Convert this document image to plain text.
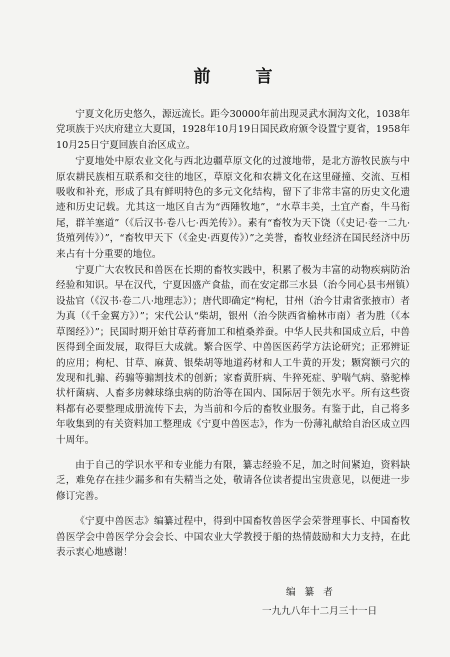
前　言

宁夏文化历史悠久，源远流长。距今30000年前出现灵武水洞沟文化，1038年党项族于兴庆府建立大夏国，1928年10月19日国民政府颁令设置宁夏省，1958年10月25日宁夏回族自治区成立。

宁夏地处中原农业文化与西北边疆草原文化的过渡地带，是北方游牧民族与中原农耕民族相互联系和交往的地区，草原文化和农耕文化在这里碰撞、交流、互相吸收和补充，形成了具有鲜明特色的多元文化结构，留下了非常丰富的历史文化遗迹和历史记载。尤其这一地区自古为“西陲牧地”，“水草丰美，土宜产畜，牛马衔尾，群羊塞道”（《后汉书·卷八七·西羌传》）。素有“畜牧为天下饶（《史记·卷一二九·货殖列传》）”，“畜牧甲天下（《金史·西夏传》）”之美誉，畜牧业经济在国民经济中历来占有十分重要的地位。

宁夏广大农牧民和兽医在长期的畜牧实践中，积累了极为丰富的动物疾病防治经验和知识。早在汉代，宁夏因盛产食盐，而在安定郡三水县（治今同心县韦州镇）设盐官（《汉书·卷二八·地理志》）；唐代即确定“枸杞，甘州（治今甘肃省张掖市）者为真（《千金翼方》）”；宋代公认“柴胡，银州（治今陕西省榆林市南）者为胜（《本草图经》）”；民国时期开始甘草药膏加工和植桑养蚕。中华人民共和国成立后，中兽医得到全面发展，取得巨大成就。繁合医学、中兽医医药学方法论研究；正邪辨证的应用；枸杞、甘草、麻黄、银柴胡等地道药材和人工牛黄的开发；颗窝额弓穴的发现和扎骟、药骟等骟割技术的创新；家畜黄肝病、牛猝死症、驴喘气病、骆驼棒状杆菌病、人畜多房棘球绦虫病的防治等在国内、国际居于领先水平。所有这些资料都有必要整理成册流传下去，为当前和今后的畜牧业服务。有鉴于此，自己将多年收集到的有关资料加工整理成《宁夏中兽医志》，作为一份薄礼献给自治区成立四十周年。

由于自己的学识水平和专业能力有限，纂志经验不足，加之时间紧迫，资料缺乏，难免存在挂少漏多和有失精当之处，敬请各位读者提出宝贵意见，以便进一步修订完善。

《宁夏中兽医志》编纂过程中，得到中国畜牧兽医学会荣誉理事长、中国畜牧兽医学会中兽医学分会会长、中国农业大学教授于船的热情鼓励和大力支持，在此表示衷心地感谢！

编 纂 者
一九九八年十二月三十一日
